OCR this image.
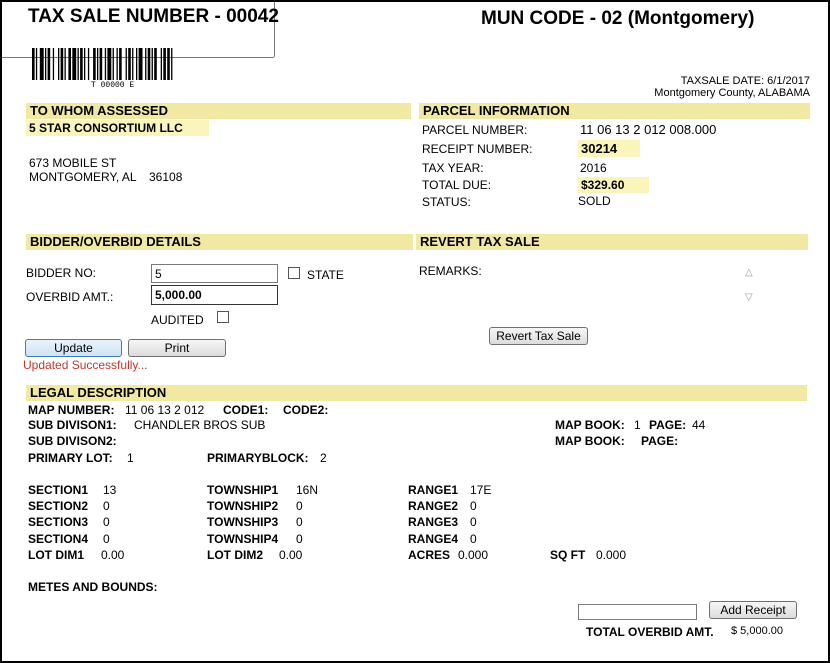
TAX SALE NUMBER - 00042	MUN CODE - 02 (Montgomery)
T 00000 E	TAXSALE DATE: 6/1/2017
Montgomery County, ALABAMA
TO WHOM ASSESSED
5 STAR CONSORTIUM LLC
673 MOBILE ST
MONTGOMERY, AL 36108
PARCEL INFORMATION
PARCEL NUMBER:	11 06 13 2 012 008.000
RECEIPT NUMBER:	30214
TAX YEAR:	2016
TOTAL DUE:	$329.60
STATUS:	SOLD
BIDDER/OVERBID DETAILS
BIDDER NO:
5	STATE
OVERBID AMT.:
5,000.00
AUDITED
Update	Print
Updated Successfully...
REVERT TAX SALE
REMARKS:	△
▽
Revert Tax Sale
LEGAL DESCRIPTION
MAP NUMBER: 11 06 13 2 012 CODE1: CODE2:
SUB DIVISON1: CHANDLER BROS SUB	MAP BOOK: 1 PAGE: 44
SUB DIVISON2:	MAP BOOK: PAGE:
PRIMARY LOT: 1	PRIMARYBLOCK: 2
SECTION1 13	TOWNSHIP1 16N	RANGE1 17E
SECTION2 0	TOWNSHIP2 0	RANGE2 0
SECTION3 0	TOWNSHIP3 0	RANGE3 0
SECTION4 0	TOWNSHIP4 0	RANGE4 0
LOT DIM1 0.00	LOT DIM2 0.00	ACRES 0.000	SQ FT 0.000
METES AND BOUNDS:
Add Receipt
TOTAL OVERBID AMT. $ 5,000.00
